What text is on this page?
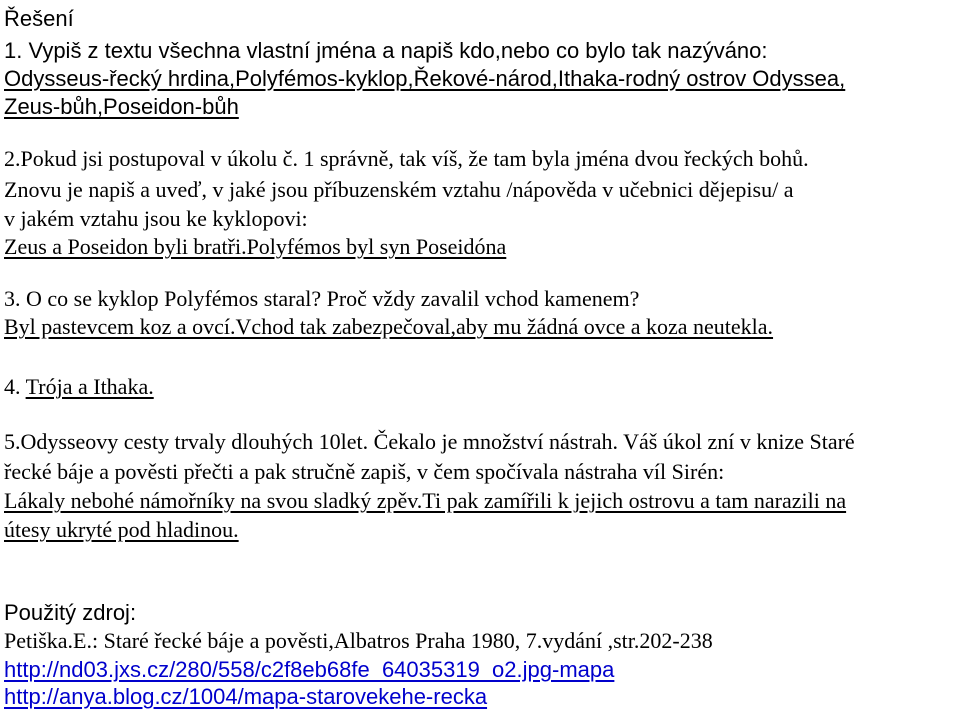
Řešení
1. Vypiš z textu všechna vlastní jména a napiš kdo,nebo co bylo tak nazýváno:
Odysseus-řecký hrdina,Polyfémos-kyklop,Řekové-národ,Ithaka-rodný ostrov Odyssea,
Zeus-bůh,Poseidon-bůh
2.Pokud jsi postupoval v úkolu č. 1 správně, tak víš, že tam byla jména dvou řeckých bohů.
Znovu je napiš a uveď, v jaké jsou příbuzenském vztahu /nápověda v učebnici dějepisu/ a
v jakém vztahu jsou ke kyklopovi:
Zeus a Poseidon byli bratři.Polyfémos byl syn Poseidóna
3. O co se kyklop Polyfémos staral? Proč vždy zavalil vchod kamenem?
Byl pastevcem koz a ovcí.Vchod tak zabezpečoval,aby mu žádná ovce a koza neutekla.
4. Trója a Ithaka.
5.Odysseovy cesty trvaly dlouhých 10let. Čekalo je množství nástrah. Váš úkol zní v knize Staré
řecké báje a pověsti přečti a pak stručně zapiš, v čem spočívala nástraha víl Sirén:
Lákaly nebohé námořníky na svou sladký zpěv.Ti pak zamířili k jejich ostrovu a tam narazili na
útesy ukryté pod hladinou.
Použitý zdroj:
Petiška.E.: Staré řecké báje a pověsti,Albatros Praha 1980, 7.vydání ,str.202-238
http://nd03.jxs.cz/280/558/c2f8eb68fe_64035319_o2.jpg-mapa
http://anya.blog.cz/1004/mapa-starovekehe-recka
